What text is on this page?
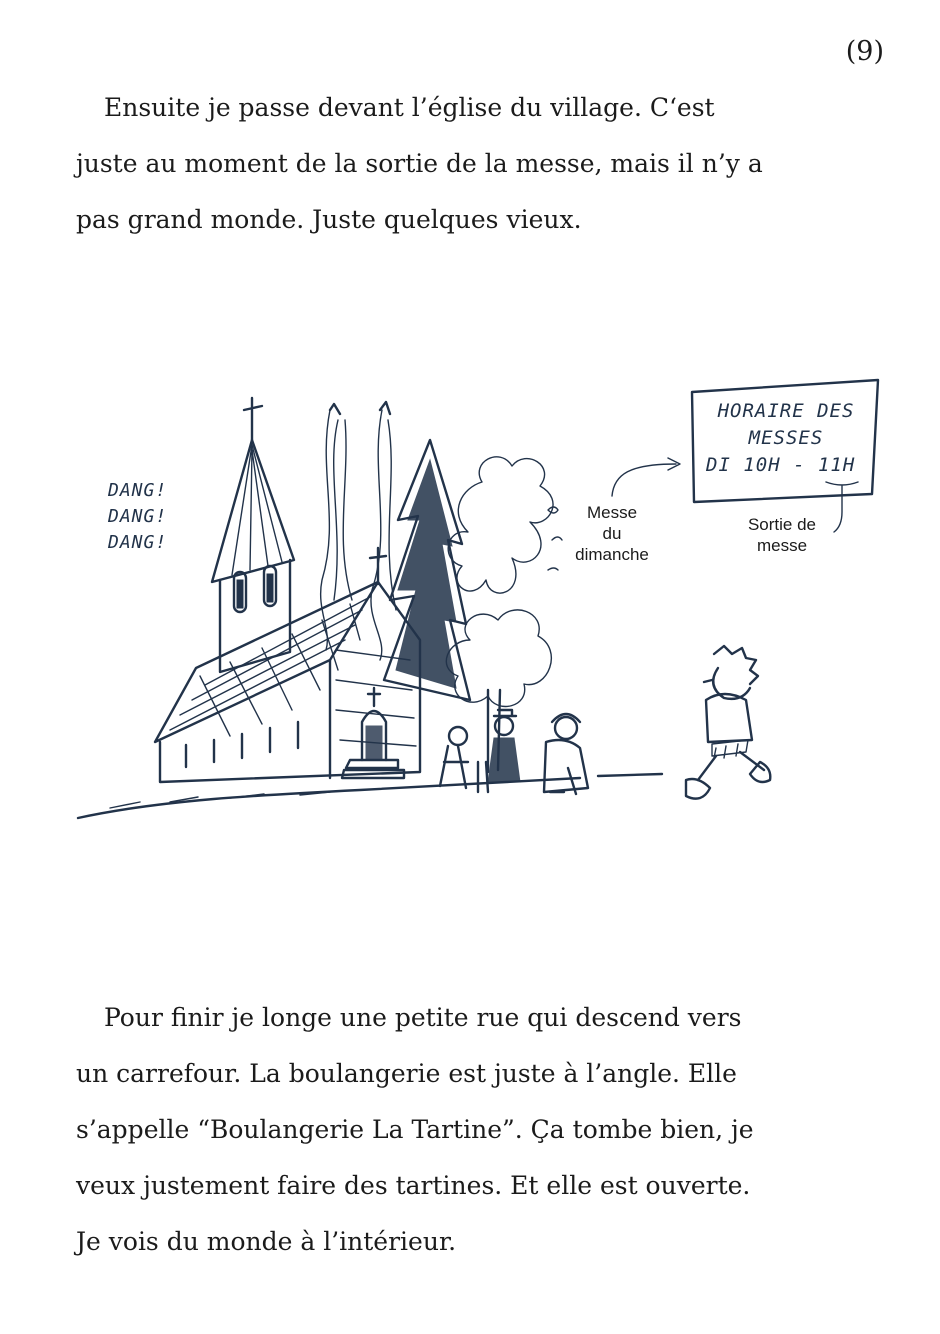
(9)

Ensuite je passe devant l’église du village. C‘est
juste au moment de la sortie de la messe, mais il n’y a
pas grand monde. Juste quelques vieux.

DANG!
DANG!
DANG!
HORAIRE DES
MESSES
DI 10H - 11H
Messe
du
dimanche
Sortie de
messe

Pour finir je longe une petite rue qui descend vers
un carrefour. La boulangerie est juste à l’angle. Elle
s’appelle “Boulangerie La Tartine”. Ça tombe bien, je
veux justement faire des tartines. Et elle est ouverte.
Je vois du monde à l’intérieur.
